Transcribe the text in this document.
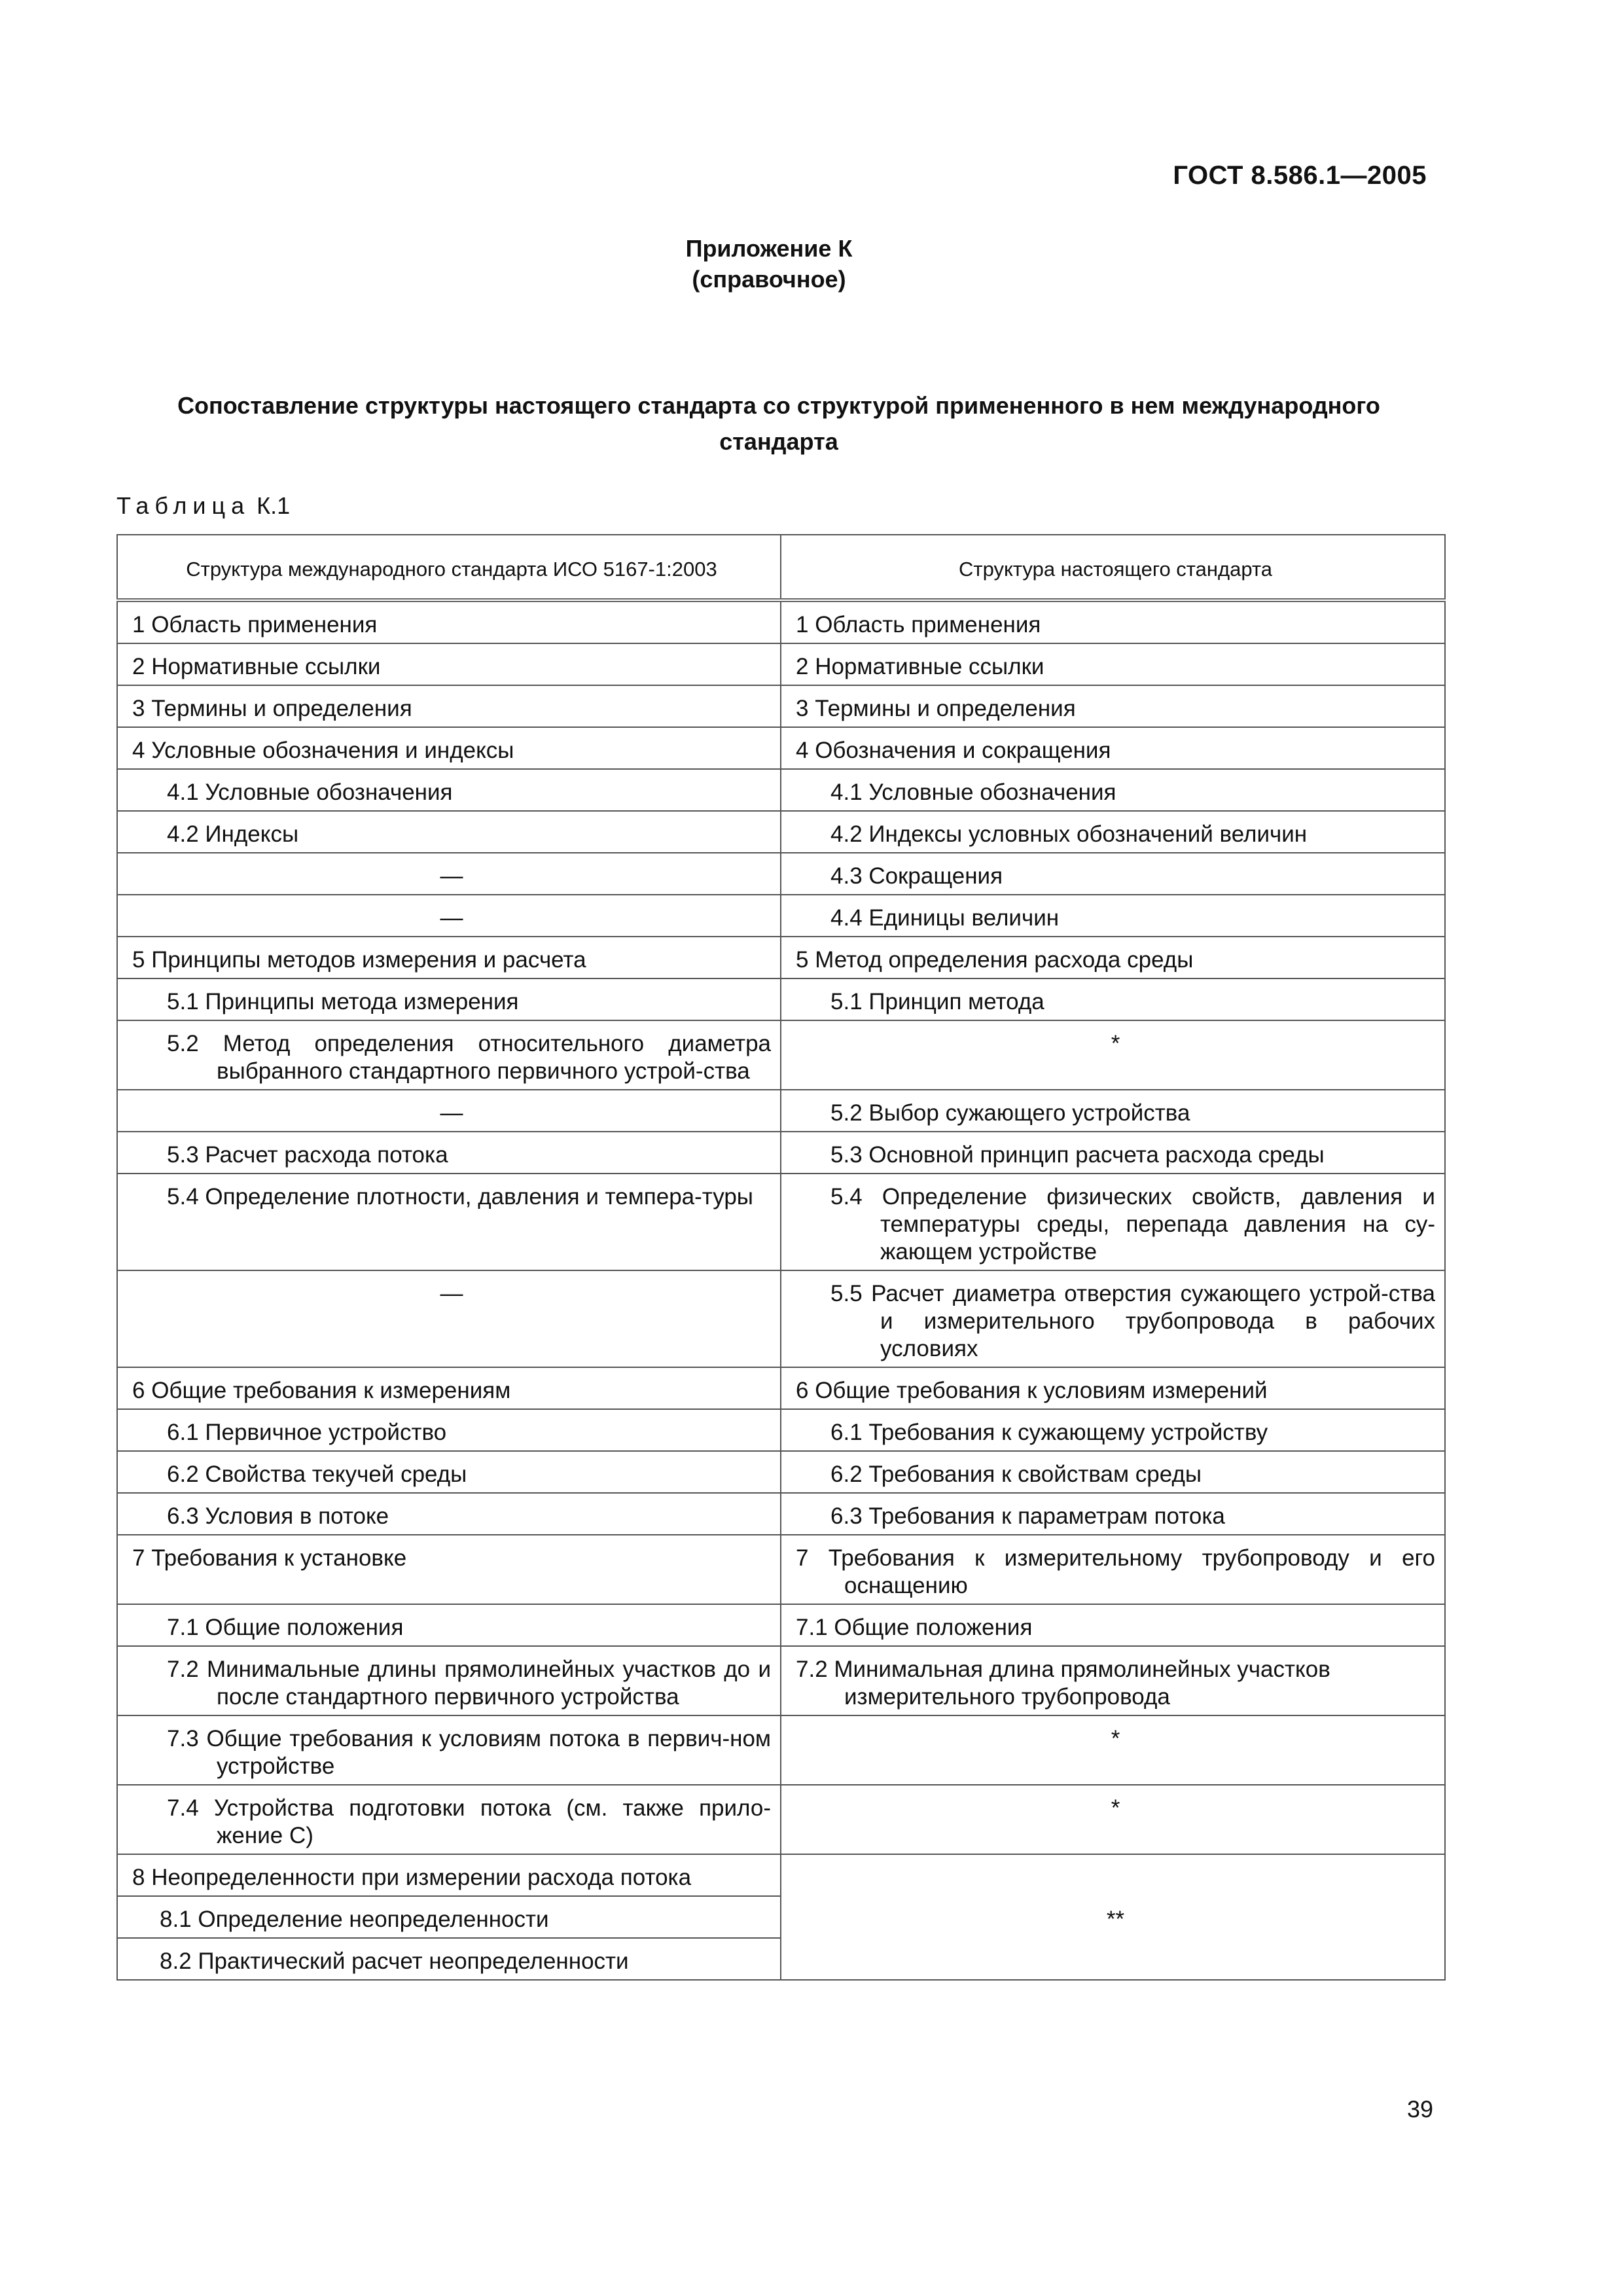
ГОСТ 8.586.1—2005
Приложение К
(справочное)
Сопоставление структуры настоящего стандарта со структурой примененного в нем международного
стандарта
Таблица К.1
Структура международного стандарта ИСО 5167-1:2003	Структура настоящего стандарта
1 Область применения	1 Область применения
2 Нормативные ссылки	2 Нормативные ссылки
3 Термины и определения	3 Термины и определения
4 Условные обозначения и индексы	4 Обозначения и сокращения
4.1 Условные обозначения	4.1 Условные обозначения
4.2 Индексы	4.2 Индексы условных обозначений величин
—	4.3 Сокращения
—	4.4 Единицы величин
5 Принципы методов измерения и расчета	5 Метод определения расхода среды
5.1 Принципы метода измерения	5.1 Принцип метода

5.2 Метод определения относительного диаметра выбранного стандартного первичного устрой-ства	*
—	5.2 Выбор сужающего устройства
5.3 Расчет расхода потока	5.3 Основной принцип расчета расхода среды

5.4 Определение плотности, давления и темпера-туры	5.4 Определение физических свойств, давления и температуры среды, перепада давления на су-жающем устройстве

—	5.5 Расчет диаметра отверстия сужающего устрой-ства и измерительного трубопровода в рабочих условиях

6 Общие требования к измерениям	6 Общие требования к условиям измерений
6.1 Первичное устройство	6.1 Требования к сужающему устройству
6.2 Свойства текучей среды	6.2 Требования к свойствам среды
6.3 Условия в потоке	6.3 Требования к параметрам потока
7 Требования к установке	7 Требования к измерительному трубопроводу и его оснащению

7.1 Общие положения	7.1 Общие положения

7.2 Минимальные длины прямолинейных участков до и после стандартного первичного устройства	7.2 Минимальная длина прямолинейных участков измерительного трубопровода

7.3 Общие требования к условиям потока в первич-ном устройстве	*

7.4 Устройства подготовки потока (см. также прило-жение С)	*
8 Неопределенности при измерении расхода потока	**
8.1 Определение неопределенности	
8.2 Практический расчет неопределенности	
39
